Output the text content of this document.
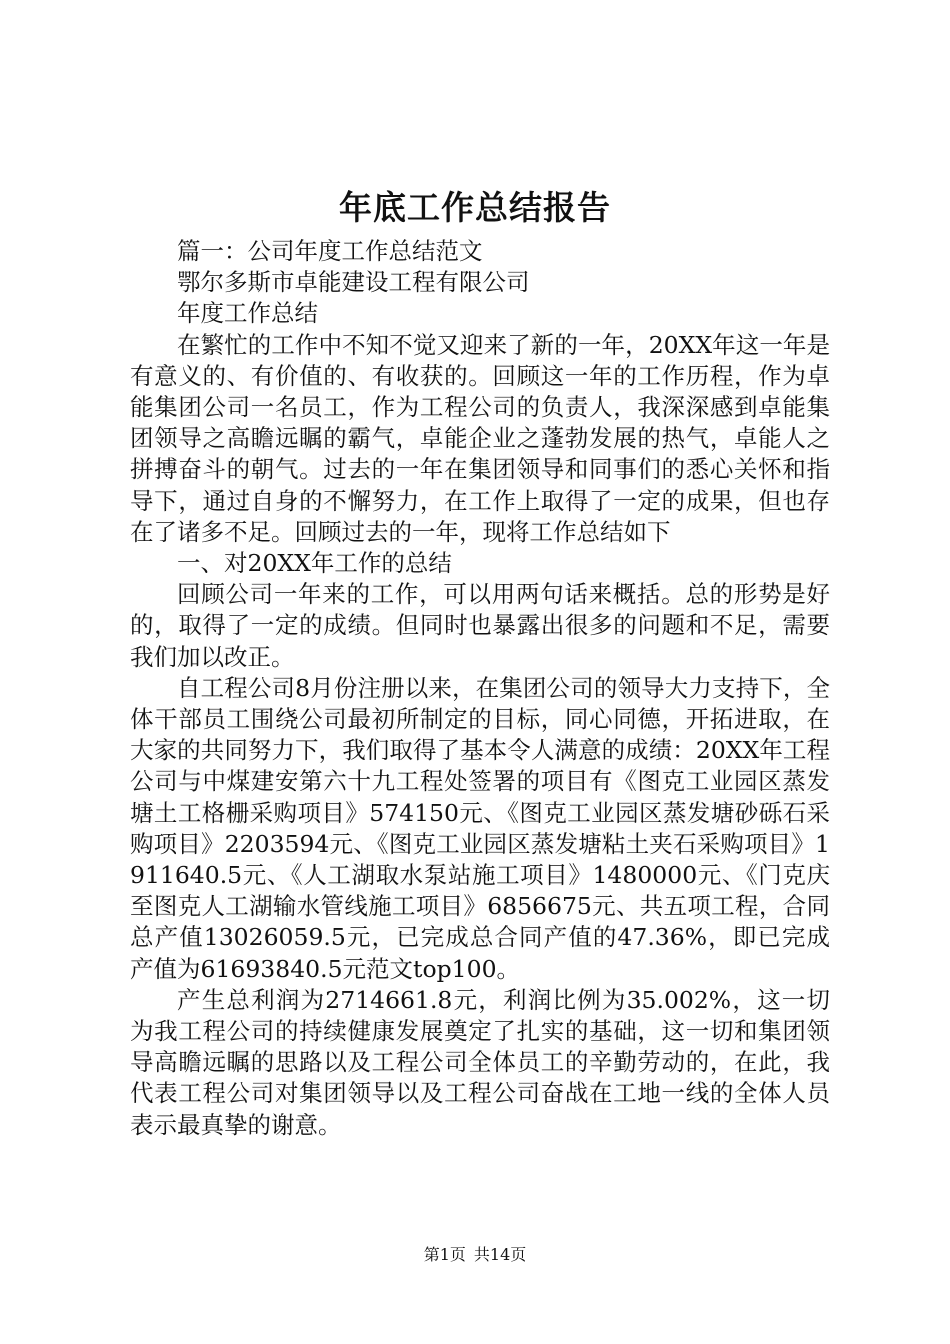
年底工作总结报告

篇一：公司年度工作总结范文

鄂尔多斯市卓能建设工程有限公司

年度工作总结

在繁忙的工作中不知不觉又迎来了新的一年，20XX年这一年是有意义的、有价值的、有收获的。回顾这一年的工作历程，作为卓能集团公司一名员工，作为工程公司的负责人，我深深感到卓能集团领导之高瞻远瞩的霸气，卓能企业之蓬勃发展的热气，卓能人之拼搏奋斗的朝气。过去的一年在集团领导和同事们的悉心关怀和指导下，通过自身的不懈努力，在工作上取得了一定的成果，但也存在了诸多不足。回顾过去的一年，现将工作总结如下

一、对20XX年工作的总结

回顾公司一年来的工作，可以用两句话来概括。总的形势是好的，取得了一定的成绩。但同时也暴露出很多的问题和不足，需要我们加以改正。

自工程公司8月份注册以来，在集团公司的领导大力支持下，全体干部员工围绕公司最初所制定的目标，同心同德，开拓进取，在大家的共同努力下，我们取得了基本令人满意的成绩：20XX年工程公司与中煤建安第六十九工程处签署的项目有《图克工业园区蒸发塘土工格栅采购项目》574150元、《图克工业园区蒸发塘砂砾石采购项目》2203594元、《图克工业园区蒸发塘粘土夹石采购项目》1911640.5元、《人工湖取水泵站施工项目》1480000元、《门克庆至图克人工湖输水管线施工项目》6856675元、共五项工程，合同总产值13026059.5元，已完成总合同产值的47.36%，即已完成产值为61693840.5元范文top100。

产生总利润为2714661.8元，利润比例为35.002%，这一切为我工程公司的持续健康发展奠定了扎实的基础，这一切和集团领导高瞻远瞩的思路以及工程公司全体员工的辛勤劳动的，在此，我代表工程公司对集团领导以及工程公司奋战在工地一线的全体人员表示最真挚的谢意。

第1页 共14页
